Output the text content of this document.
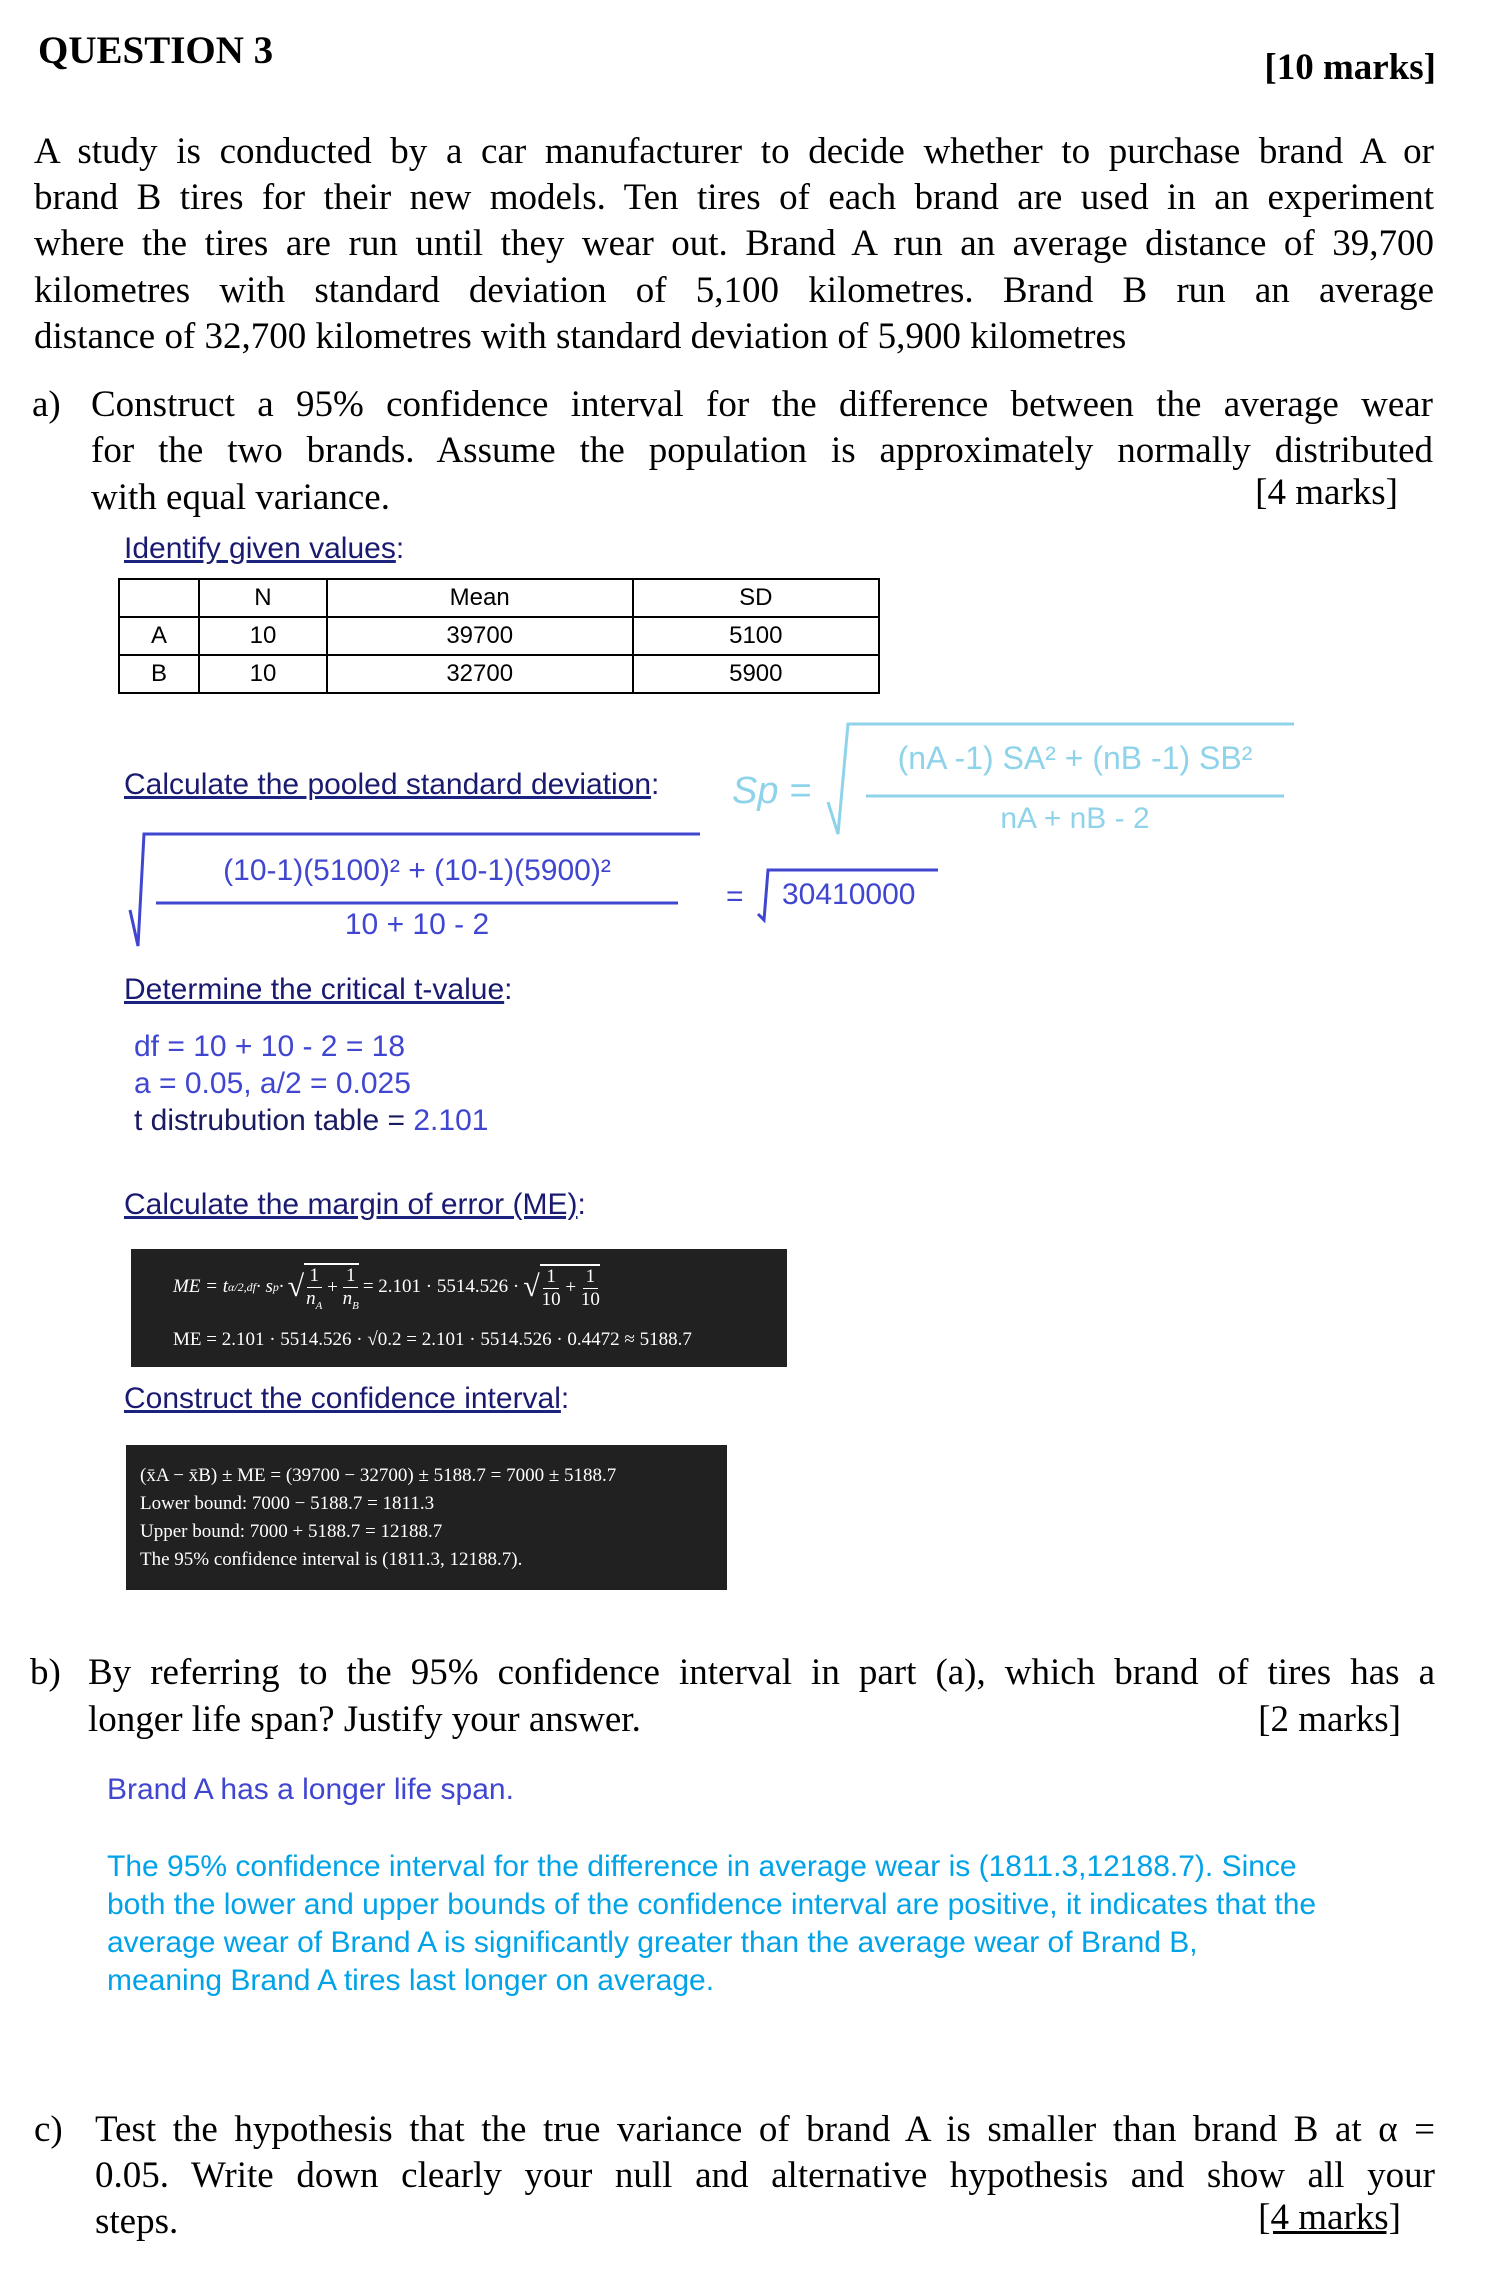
QUESTION 3	[10 marks]
A study is conducted by a car manufacturer to decide whether to purchase brand A or
brand B tires for their new models. Ten tires of each brand are used in an experiment
where the tires are run until they wear out. Brand A run an average distance of 39,700
kilometres with standard deviation of 5,100 kilometres. Brand B run an average
distance of 32,700 kilometres with standard deviation of 5,900 kilometres
a) Construct a 95% confidence interval for the difference between the average wear
for the two brands. Assume the population is approximately normally distributed
with equal variance.	[4 marks]
Identify given values:
	N	Mean	SD
A	10	39700	5100
B	10	32700	5900
Calculate the pooled standard deviation: Sp =
(nA -1) SA² + (nB -1) SB²
nA + nB - 2
(10-1)(5100)² + (10-1)(5900)²
10 + 10 - 2
= 30410000
Determine the critical t-value:
df = 10 + 10 - 2 = 18
a = 0.05, a/2 = 0.025
t distrubution table = 2.101
Calculate the margin of error (ME):
ME = t α/2,df · s p · √ $\frac{1}{n_A} + \frac{1}{n_B} = 2.101 \cdot 5514.526$ · √ $\frac{1}{10} + \frac{1}{10}$
ME = 2.101 · 5514.526 · √0.2 = 2.101 · 5514.526 · 0.4472 ≈ 5188.7
Construct the confidence interval:
(x̄A − x̄B) ± ME = (39700 − 32700) ± 5188.7 = 7000 ± 5188.7
Lower bound: 7000 − 5188.7 = 1811.3
Upper bound: 7000 + 5188.7 = 12188.7
The 95% confidence interval is (1811.3, 12188.7).
b) By referring to the 95% confidence interval in part (a), which brand of tires has a
longer life span? Justify your answer.	[2 marks]
Brand A has a longer life span.
The 95% confidence interval for the difference in average wear is (1811.3,12188.7). Since
both the lower and upper bounds of the confidence interval are positive, it indicates that the
average wear of Brand A is significantly greater than the average wear of Brand B,
meaning Brand A tires last longer on average.
c) Test the hypothesis that the true variance of brand A is smaller than brand B at α =
0.05. Write down clearly your null and alternative hypothesis and show all your
steps.	[4 marks]
